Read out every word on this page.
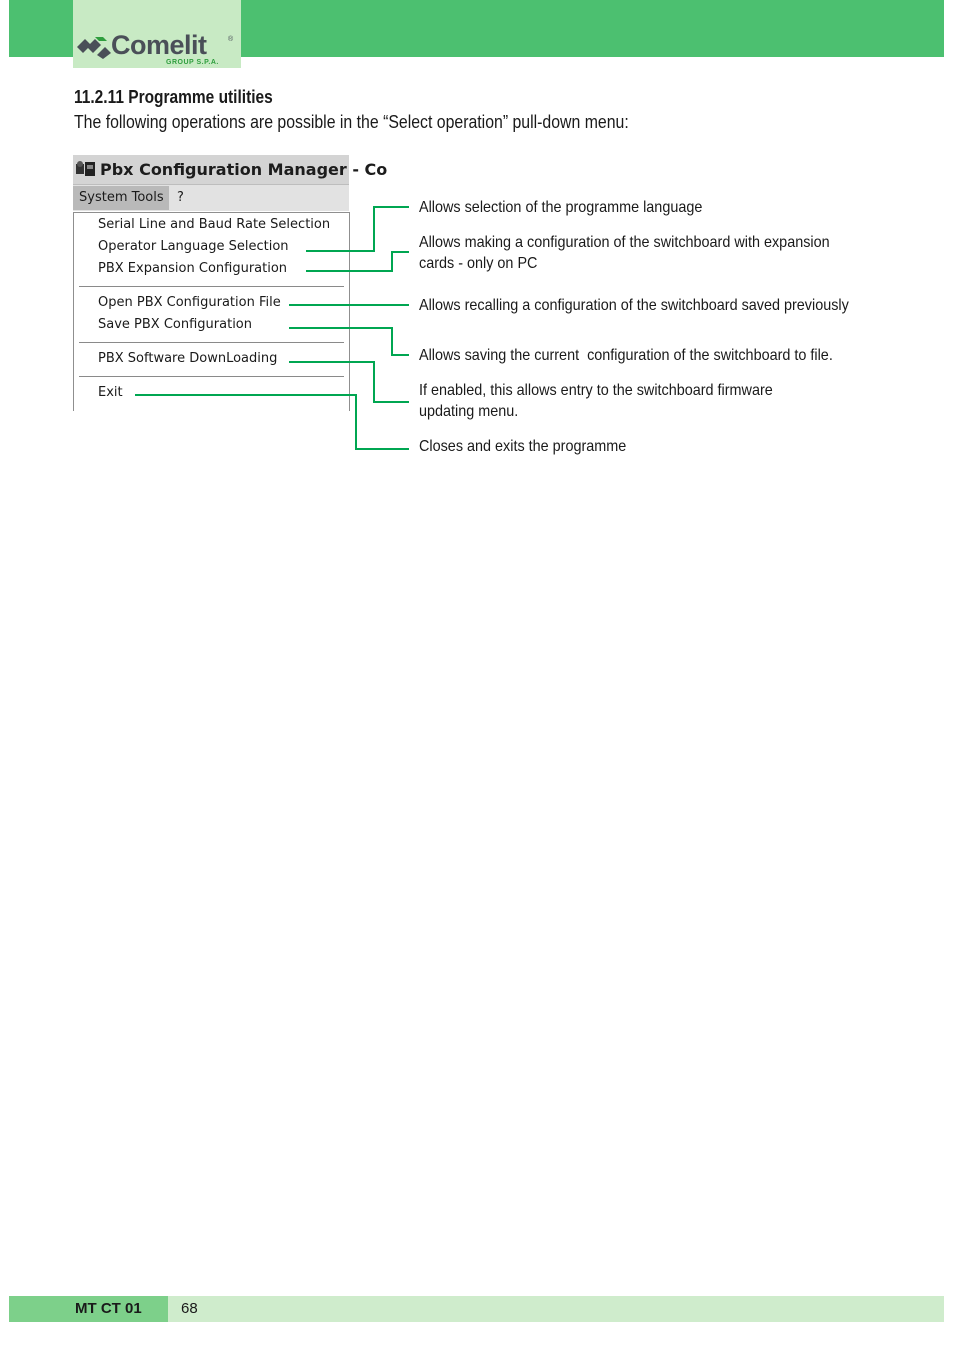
Comelit	®
GROUP S.P.A.
11.2.11 Programme utilities
The following operations are possible in the “Select operation” pull-down menu:
Pbx Configuration Manager - Co
System Tools	?
Serial Line and Baud Rate Selection
Operator Language Selection
PBX Expansion Configuration
Open PBX Configuration File
Save PBX Configuration
PBX Software DownLoading
Exit
Allows selection of the programme language
Allows making a configuration of the switchboard with expansion
cards - only on PC
Allows recalling a configuration of the switchboard saved previously
Allows saving the current  configuration of the switchboard to file.
If enabled, this allows entry to the switchboard firmware
updating menu.
Closes and exits the programme
MT CT 01	68
